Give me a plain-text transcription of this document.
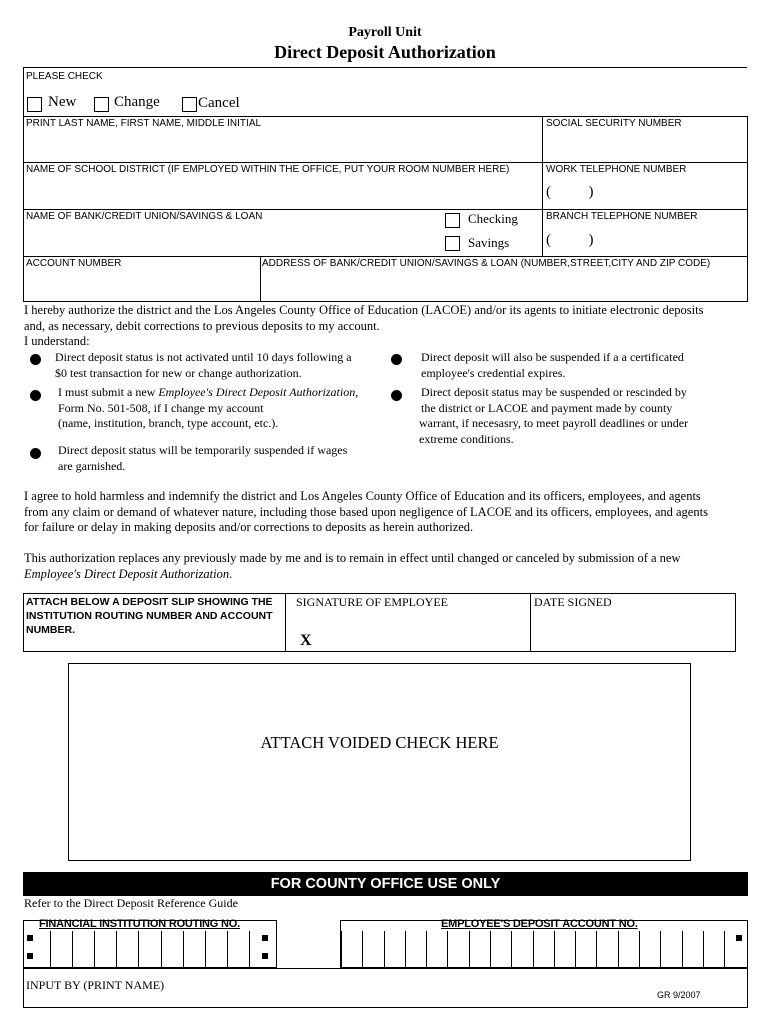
Payroll Unit
Direct Deposit Authorization
PLEASE CHECK
New	Change	Cancel
PRINT LAST NAME, FIRST NAME, MIDDLE INITIAL	SOCIAL SECURITY NUMBER
NAME OF SCHOOL DISTRICT (IF EMPLOYED WITHIN THE OFFICE, PUT YOUR ROOM NUMBER HERE)	WORK TELEPHONE NUMBER
(          )
NAME OF BANK/CREDIT UNION/SAVINGS & LOAN	Checking
Savings
BRANCH TELEPHONE NUMBER
(          )
ACCOUNT NUMBER	ADDRESS OF BANK/CREDIT UNION/SAVINGS & LOAN (NUMBER,STREET,CITY AND ZIP CODE)
I hereby authorize the district and the Los Angeles County Office of Education (LACOE) and/or its agents to initiate electronic deposits and, as necessary, debit corrections to previous deposits to my account.
I understand:
Direct deposit status is not activated until 10 days following a
$0 test transaction for new or change authorization.
I must submit a new Employee's Direct Deposit Authorization,
Form No. 501-508, if I change my account
(name, institution, branch, type account, etc.).
Direct deposit status will be temporarily suspended if wages
are garnished.
Direct deposit will also be suspended if a a certificated
employee's credential expires.
Direct deposit status may be suspended or rescinded by
the district or LACOE and payment made by county
warrant, if necesasry, to meet payroll deadlines or under
extreme conditions.
I agree to hold harmless and indemnify the district and Los Angeles County Office of Education and its officers, employees, and agents from any claim or demand of whatever nature, including those based upon negligence of LACOE and its officers, employees, and agents for failure or delay in making deposits and/or corrections to deposits as herein authorized.
This authorization replaces any previously made by me and is to remain in effect until changed or canceled by submission of a new Employee's Direct Deposit Authorization.
ATTACH BELOW A DEPOSIT SLIP SHOWING THE INSTITUTION ROUTING NUMBER AND ACCOUNT NUMBER.
SIGNATURE OF EMPLOYEE
X
DATE SIGNED
ATTACH VOIDED CHECK HERE
FOR COUNTY OFFICE USE ONLY
Refer to the Direct Deposit Reference Guide
FINANCIAL INSTITUTION ROUTING NO.	EMPLOYEE'S DEPOSIT ACCOUNT NO.
INPUT BY (PRINT NAME)
GR 9/2007
